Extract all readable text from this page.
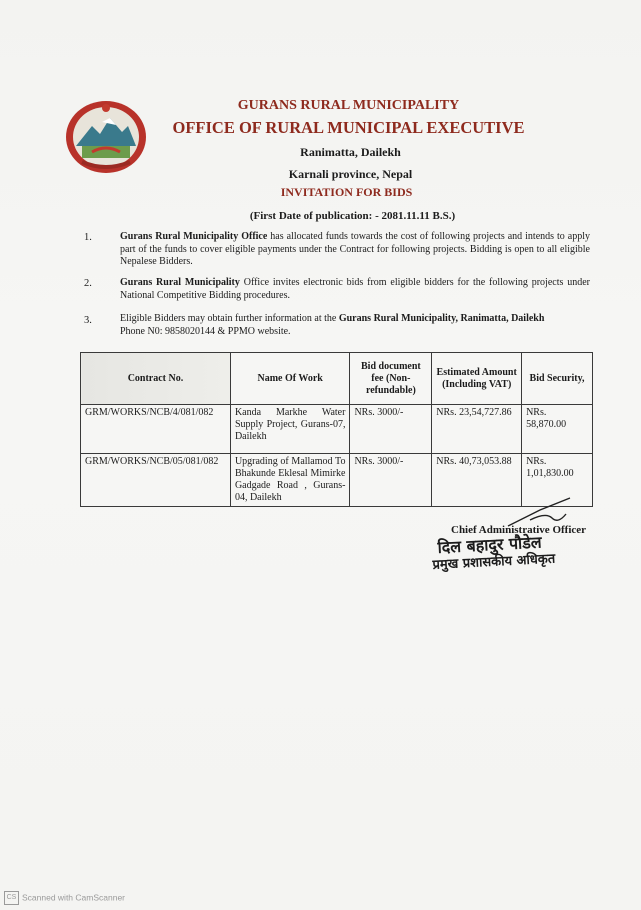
GURANS RURAL MUNICIPALITY
OFFICE OF RURAL MUNICIPAL EXECUTIVE
Ranimatta, Dailekh
Karnali province, Nepal
INVITATION FOR BIDS
(First Date of publication: - 2081.11.11 B.S.)
1.	Gurans Rural Municipality Office has allocated funds towards the cost of following projects and intends to apply part of the funds to cover eligible payments under the Contract for following projects. Bidding is open to all eligible Nepalese Bidders.
2.	Gurans Rural Municipality Office invites electronic bids from eligible bidders for the following projects under National Competitive Bidding procedures.
3.	Eligible Bidders may obtain further information at the Gurans Rural Municipality, Ranimatta, Dailekh
Phone N0: 9858020144 & PPMO website.
Contract No.	Name Of Work	Bid document fee (Non-refundable)	Estimated Amount (Including VAT)	Bid Security,
GRM/WORKS/NCB/4/081/082	Kanda Markhe Water Supply Project, Gurans-07, Dailekh	NRs. 3000/-	NRs. 23,54,727.86	NRs. 58,870.00
GRM/WORKS/NCB/05/081/082	Upgrading of Mallamod To Bhakunde Eklesal Mimirke Gadgade Road , Gurans-04, Dailekh	NRs. 3000/-	NRs. 40,73,053.88	NRs. 1,01,830.00
Chief Administrative Officer
दिल बहादुर पौडेल
प्रमुख प्रशासकीय अधिकृत
CS Scanned with CamScanner
